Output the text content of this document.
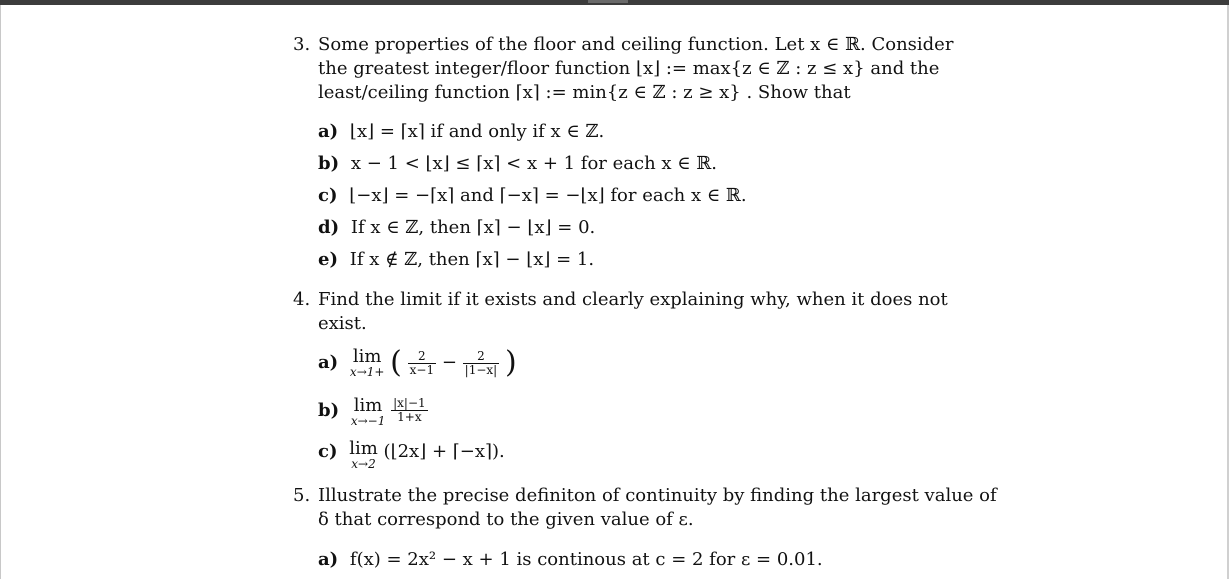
3. Some properties of the floor and ceiling function. Let x ∈ ℝ. Consider
the greatest integer/floor function ⌊x⌋ := max{z ∈ ℤ : z ≤ x} and the
least/ceiling function ⌈x⌉ := min{z ∈ ℤ : z ≥ x} . Show that
a) ⌊x⌋ = ⌈x⌉ if and only if x ∈ ℤ.
b) x − 1 < ⌊x⌋ ≤ ⌈x⌉ < x + 1 for each x ∈ ℝ.
c) ⌊−x⌋ = −⌈x⌉ and ⌈−x⌉ = −⌊x⌋ for each x ∈ ℝ.
d) If x ∈ ℤ, then ⌈x⌉ − ⌊x⌋ = 0.
e) If x ∉ ℤ, then ⌈x⌉ − ⌊x⌋ = 1.
4. Find the limit if it exists and clearly explaining why, when it does not
exist.
a) lim
x→1+ ( $\frac{2}{x-1} - \frac{2}{|1-x|}$ )
b) lim
x→−1
$\frac{|x|-1}{1+x}$
c) lim
x→2
(⌊2x⌋ + ⌈−x⌉).
5. Illustrate the precise definiton of continuity by finding the largest value of
δ that correspond to the given value of ε.
a) f(x) = 2x² − x + 1 is continous at c = 2 for ε = 0.01.
